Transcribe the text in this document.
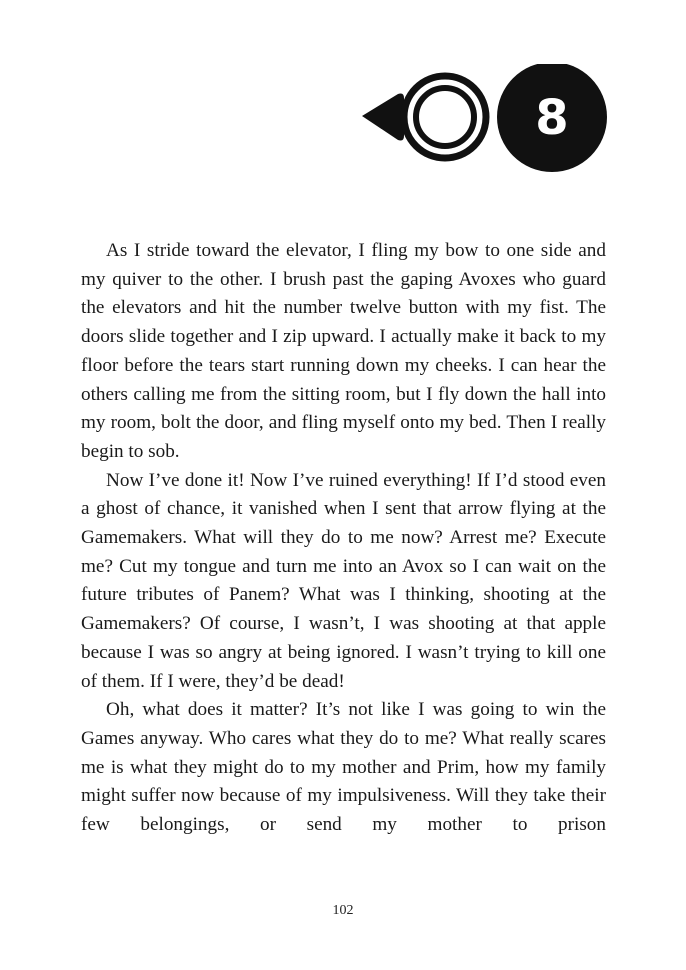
8

As I stride toward the elevator, I fling my bow to one side and my quiver to the other. I brush past the gaping Avoxes who guard the elevators and hit the number twelve button with my fist. The doors slide together and I zip upward. I actually make it back to my floor before the tears start running down my cheeks. I can hear the others calling me from the sitting room, but I fly down the hall into my room, bolt the door, and fling myself onto my bed. Then I really begin to sob.

Now I’ve done it! Now I’ve ruined everything! If I’d stood even a ghost of chance, it vanished when I sent that arrow flying at the Gamemakers. What will they do to me now? Arrest me? Execute me? Cut my tongue and turn me into an Avox so I can wait on the future tributes of Panem? What was I thinking, shooting at the Gamemakers? Of course, I wasn’t, I was shooting at that apple because I was so angry at being ignored. I wasn’t trying to kill one of them. If I were, they’d be dead!

Oh, what does it matter? It’s not like I was going to win the Games anyway. Who cares what they do to me? What really scares me is what they might do to my mother and Prim, how my family might suffer now because of my impulsiveness. Will they take their few belongings, or send my mother to prison

102
